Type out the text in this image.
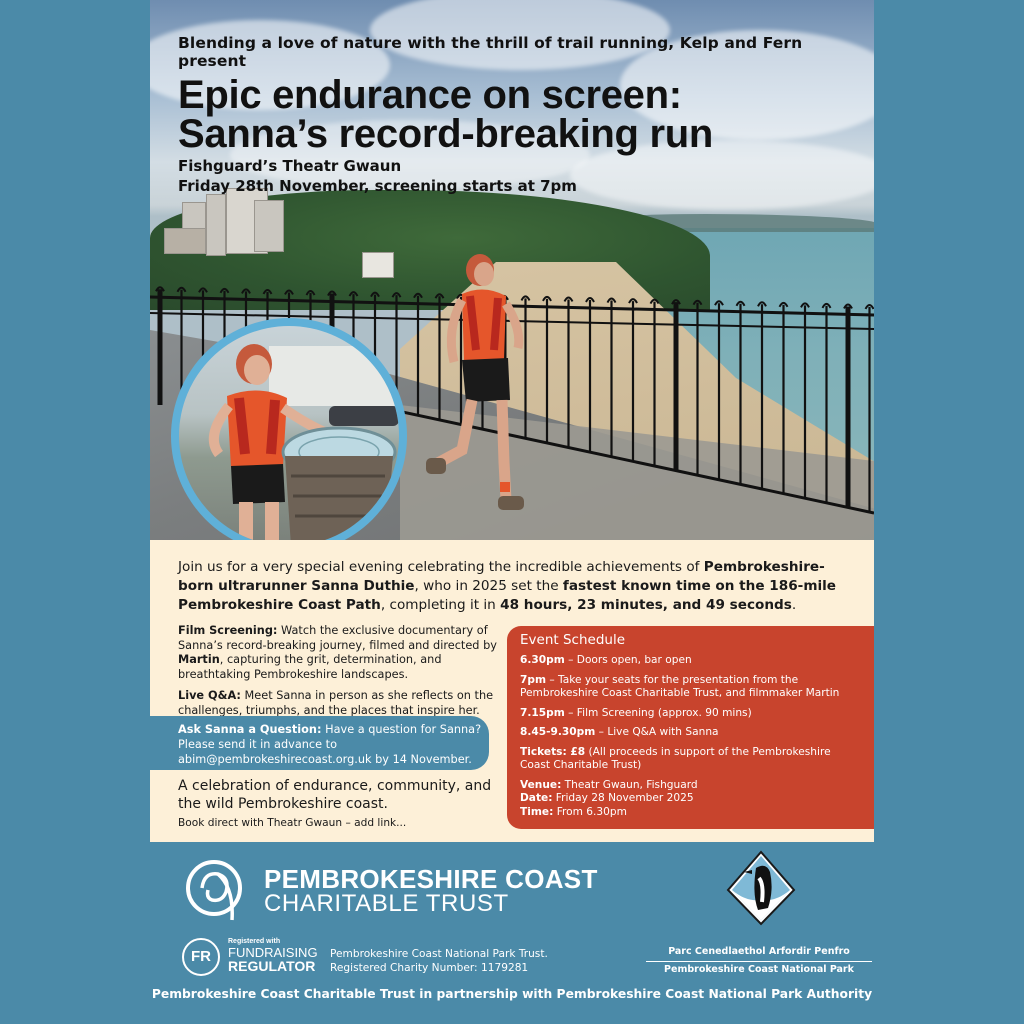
Blending a love of nature with the thrill of trail running, Kelp and Fern present
Epic endurance on screen:
Sanna’s record-breaking run
Fishguard’s Theatr Gwaun
Friday 28th November, screening starts at 7pm
Join us for a very special evening celebrating the incredible achievements of Pembrokeshire-born ultrarunner Sanna Duthie, who in 2025 set the fastest known time on the 186-mile Pembrokeshire Coast Path, completing it in 48 hours, 23 minutes, and 49 seconds.

Film Screening: Watch the exclusive documentary of Sanna’s record-breaking journey, filmed and directed by Martin, capturing the grit, determination, and breathtaking Pembrokeshire landscapes.

Live Q&A: Meet Sanna in person as she reflects on the challenges, triumphs, and the places that inspire her.

Ask Sanna a Question: Have a question for Sanna? Please send it in advance to abim@pembrokeshirecoast.org.uk by 14 November.
A celebration of endurance, community, and the wild Pembrokeshire coast.
Book direct with Theatr Gwaun – add link...
Event Schedule
6.30pm – Doors open, bar open
7pm – Take your seats for the presentation from the Pembrokeshire Coast Charitable Trust, and filmmaker Martin
7.15pm – Film Screening (approx. 90 mins)
8.45-9.30pm – Live Q&A with Sanna
Tickets: £8 (All proceeds in support of the Pembrokeshire Coast Charitable Trust)
Venue: Theatr Gwaun, Fishguard
Date: Friday 28 November 2025
Time: From 6.30pm
PEMBROKESHIRE COAST
CHARITABLE TRUST
FR
Registered with
FUNDRAISING
REGULATOR
Pembrokeshire Coast National Park Trust.
Registered Charity Number: 1179281
Parc Cenedlaethol Arfordir Penfro
Pembrokeshire Coast National Park
Pembrokeshire Coast Charitable Trust in partnership with Pembrokeshire Coast National Park Authority
